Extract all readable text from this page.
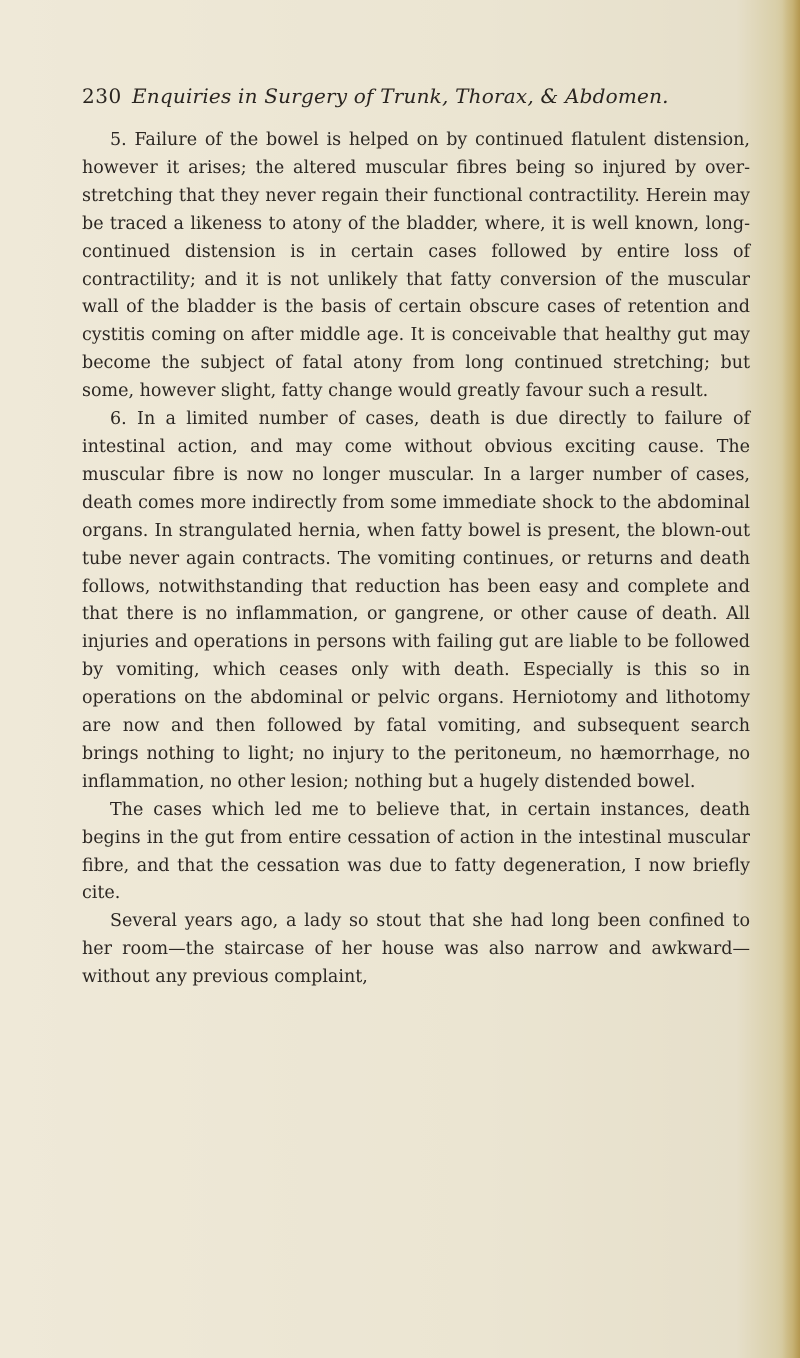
230 Enquiries in Surgery of Trunk, Thorax, & Abdomen.

5. Failure of the bowel is helped on by continued flatulent distension, however it arises; the altered muscular fibres being so injured by over-stretching that they never regain their functional contractility. Herein may be traced a likeness to atony of the bladder, where, it is well known, long-continued distension is in certain cases followed by entire loss of contractility; and it is not unlikely that fatty conversion of the muscular wall of the bladder is the basis of certain obscure cases of retention and cystitis coming on after middle age. It is conceivable that healthy gut may become the subject of fatal atony from long continued stretching; but some, however slight, fatty change would greatly favour such a result.

6. In a limited number of cases, death is due directly to failure of intestinal action, and may come without obvious exciting cause. The muscular fibre is now no longer muscular. In a larger number of cases, death comes more indirectly from some immediate shock to the abdominal organs. In strangulated hernia, when fatty bowel is present, the blown-out tube never again contracts. The vomiting continues, or returns and death follows, notwithstanding that reduction has been easy and complete and that there is no inflammation, or gangrene, or other cause of death. All injuries and operations in persons with failing gut are liable to be followed by vomiting, which ceases only with death. Especially is this so in operations on the abdominal or pelvic organs. Herniotomy and lithotomy are now and then followed by fatal vomiting, and subsequent search brings nothing to light; no injury to the peritoneum, no hæmorrhage, no inflammation, no other lesion; nothing but a hugely distended bowel.

The cases which led me to believe that, in certain instances, death begins in the gut from entire cessation of action in the intestinal muscular fibre, and that the cessation was due to fatty degeneration, I now briefly cite.

Several years ago, a lady so stout that she had long been confined to her room—the staircase of her house was also narrow and awkward—without any previous complaint,
